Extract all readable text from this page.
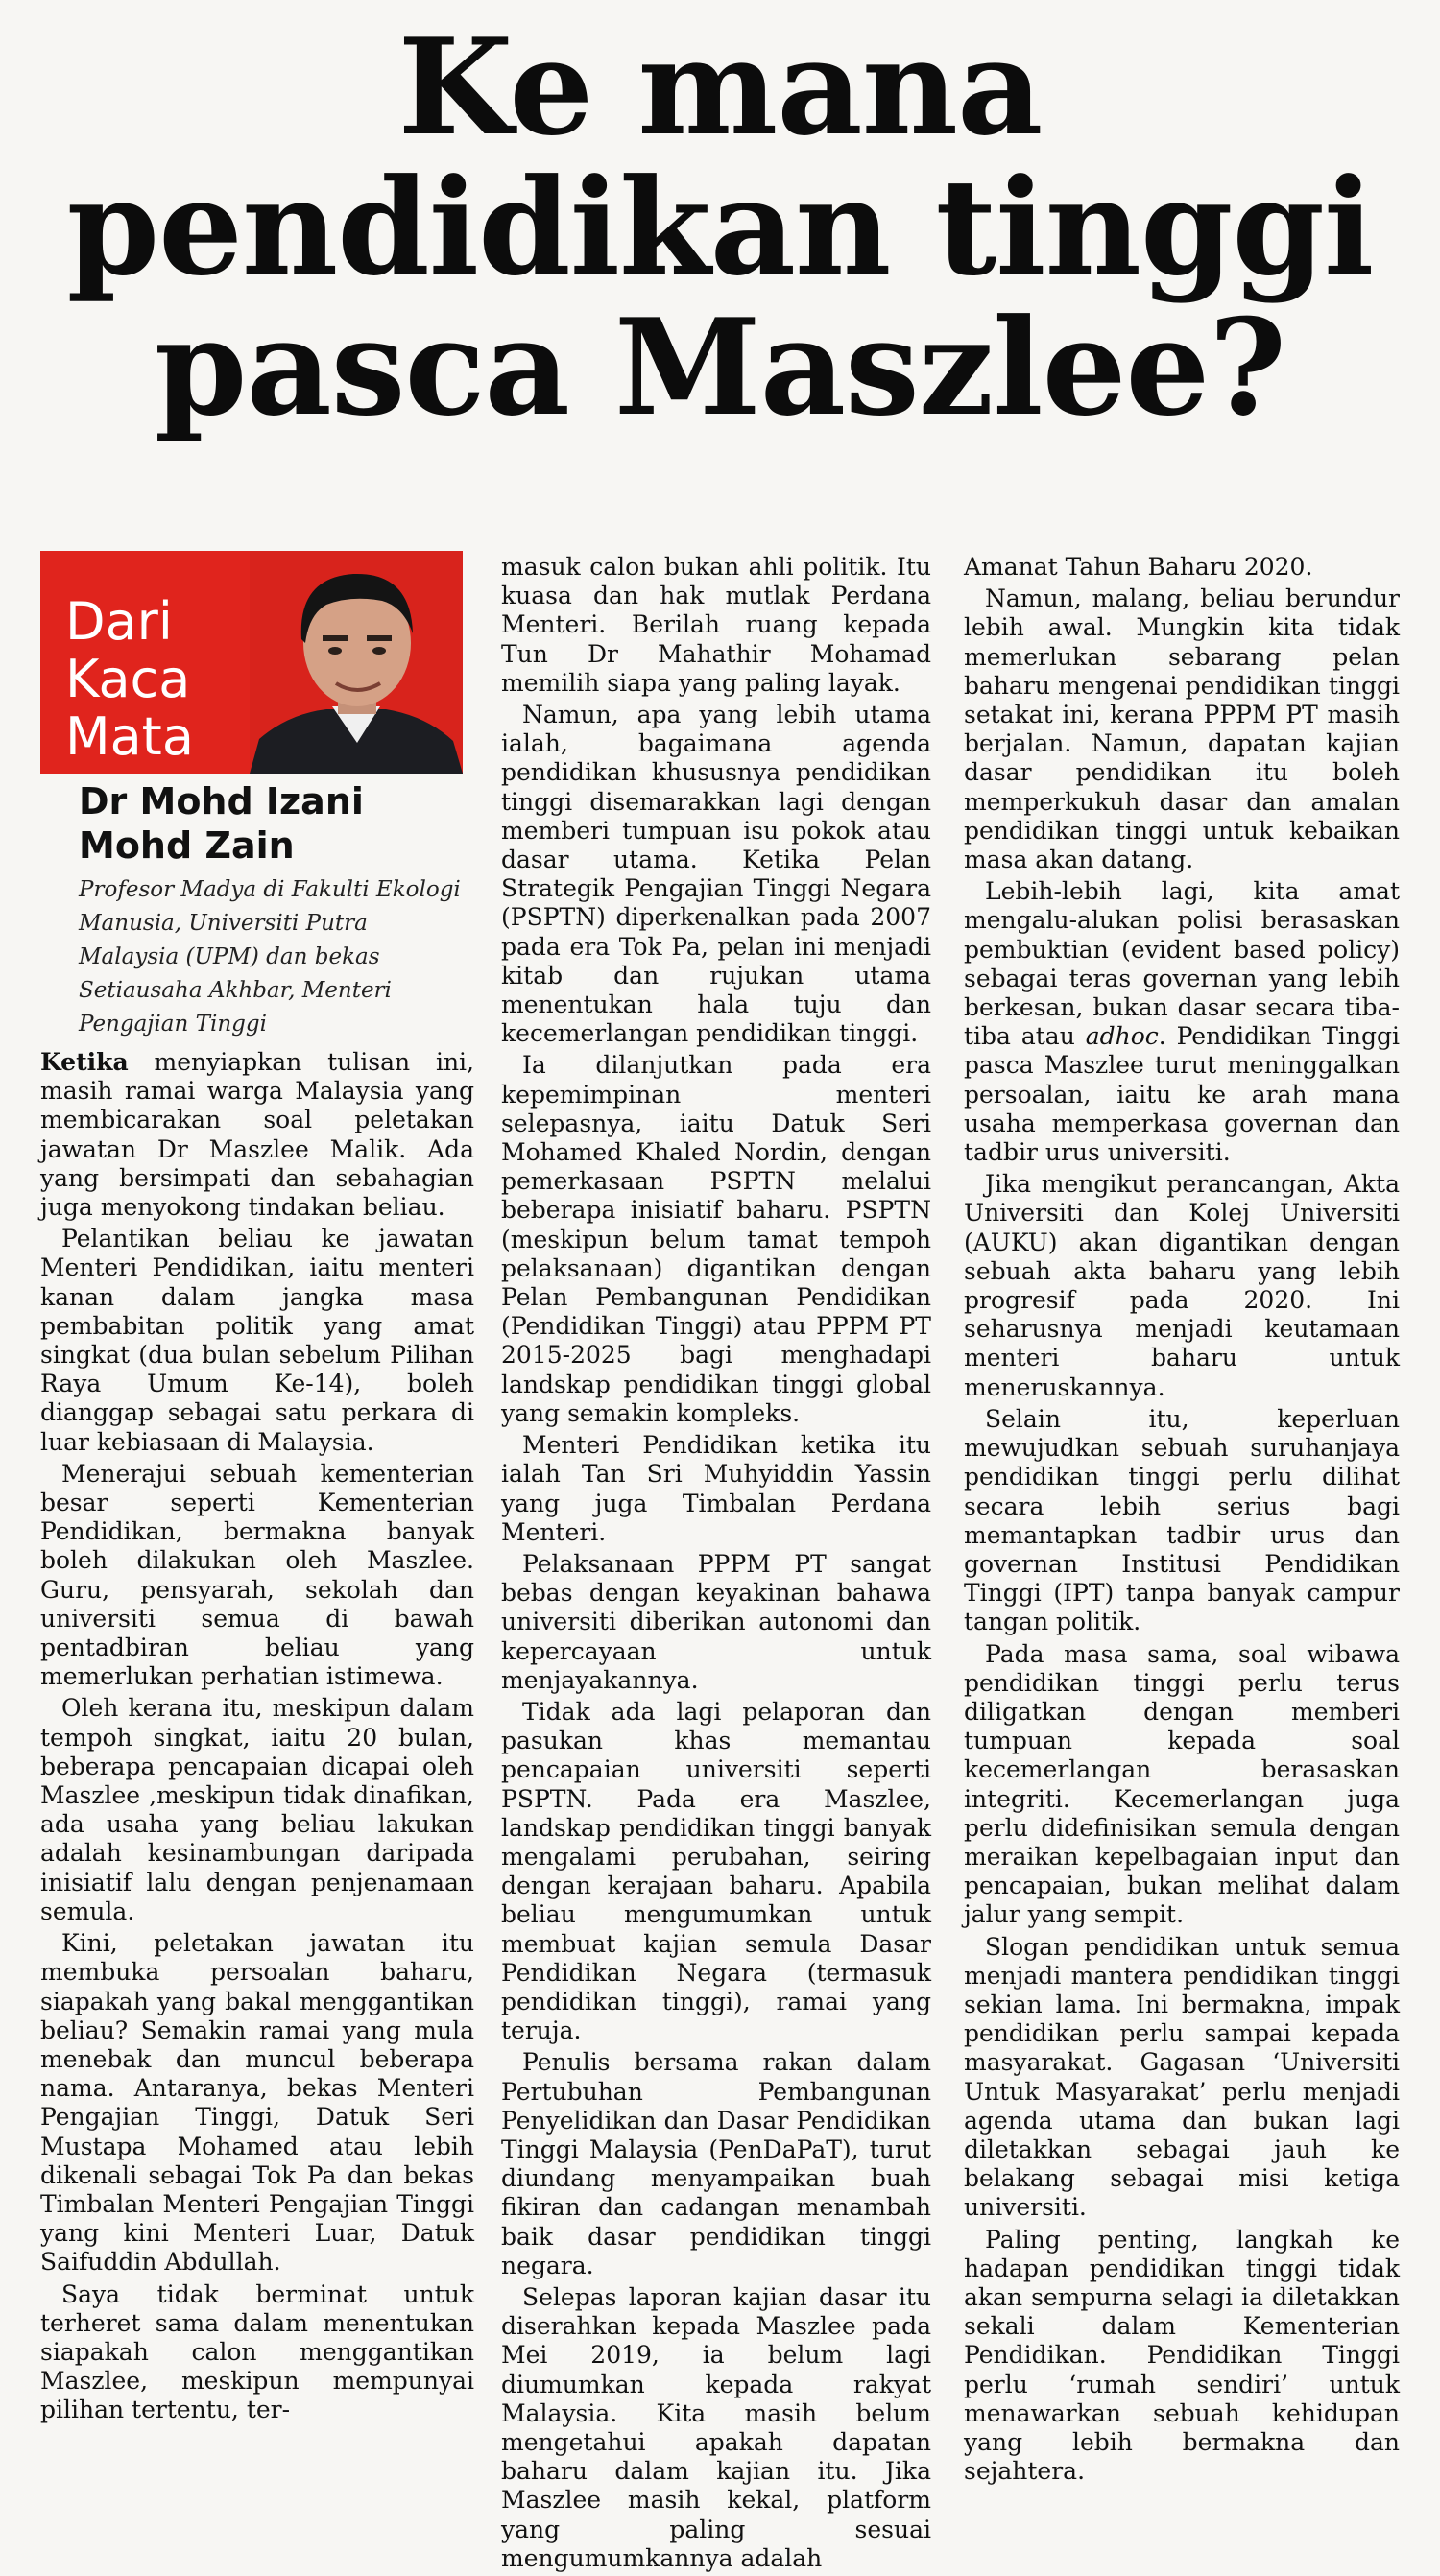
Ke mana pendidikan tinggi pasca Maszlee?
Dari
Kaca
Mata
Dr Mohd Izani
Mohd Zain

Profesor Madya di Fakulti Ekologi Manusia, Universiti Putra Malaysia (UPM) dan bekas Setiausaha Akhbar, Menteri Pengajian Tinggi

Ketika menyiapkan tulisan ini, masih ramai warga Malaysia yang membicarakan soal peletakan jawatan Dr Maszlee Malik. Ada yang bersimpati dan sebahagian juga menyokong tindakan beliau.

Pelantikan beliau ke jawatan Menteri Pendidikan, iaitu menteri kanan dalam jangka masa pembabitan politik yang amat singkat (dua bulan sebelum Pilihan Raya Umum Ke-14), boleh dianggap sebagai satu perkara di luar kebiasaan di Malaysia.

Menerajui sebuah kementerian besar seperti Kementerian Pendidikan, bermakna banyak boleh dilakukan oleh Maszlee. Guru, pensyarah, sekolah dan universiti semua di bawah pentadbiran beliau yang memerlukan perhatian istimewa.

Oleh kerana itu, meskipun dalam tempoh singkat, iaitu 20 bulan, beberapa pencapaian dicapai oleh Maszlee ,meskipun tidak dinafikan, ada usaha yang beliau lakukan adalah kesinambungan daripada inisiatif lalu dengan penjenamaan semula.

Kini, peletakan jawatan itu membuka persoalan baharu, siapakah yang bakal menggantikan beliau? Semakin ramai yang mula menebak dan muncul beberapa nama. Antaranya, bekas Menteri Pengajian Tinggi, Datuk Seri Mustapa Mohamed atau lebih dikenali sebagai Tok Pa dan bekas Timbalan Menteri Pengajian Tinggi yang kini Menteri Luar, Datuk Saifuddin Abdullah.

Saya tidak berminat untuk terheret sama dalam menentukan siapakah calon menggantikan Maszlee, meskipun mempunyai pilihan tertentu, ter-

masuk calon bukan ahli politik. Itu kuasa dan hak mutlak Perdana Menteri. Berilah ruang kepada Tun Dr Mahathir Mohamad memilih siapa yang paling layak.

Namun, apa yang lebih utama ialah, bagaimana agenda pendidikan khususnya pendidikan tinggi disemarakkan lagi dengan memberi tumpuan isu pokok atau dasar utama. Ketika Pelan Strategik Pengajian Tinggi Negara (PSPTN) diperkenalkan pada 2007 pada era Tok Pa, pelan ini menjadi kitab dan rujukan utama menentukan hala tuju dan kecemerlangan pendidikan tinggi.

Ia dilanjutkan pada era kepemimpinan menteri selepasnya, iaitu Datuk Seri Mohamed Khaled Nordin, dengan pemerkasaan PSPTN melalui beberapa inisiatif baharu. PSPTN (meskipun belum tamat tempoh pelaksanaan) digantikan dengan Pelan Pembangunan Pendidikan (Pendidikan Tinggi) atau PPPM PT 2015-2025 bagi menghadapi landskap pendidikan tinggi global yang semakin kompleks.

Menteri Pendidikan ketika itu ialah Tan Sri Muhyiddin Yassin yang juga Timbalan Perdana Menteri.

Pelaksanaan PPPM PT sangat bebas dengan keyakinan bahawa universiti diberikan autonomi dan kepercayaan untuk menjayakannya.

Tidak ada lagi pelaporan dan pasukan khas memantau pencapaian universiti seperti PSPTN. Pada era Maszlee, landskap pendidikan tinggi banyak mengalami perubahan, seiring dengan kerajaan baharu. Apabila beliau mengumumkan untuk membuat kajian semula Dasar Pendidikan Negara (termasuk pendidikan tinggi), ramai yang teruja.

Penulis bersama rakan dalam Pertubuhan Pembangunan Penyelidikan dan Dasar Pendidikan Tinggi Malaysia (PenDaPaT), turut diundang menyampaikan buah fikiran dan cadangan menambah baik dasar pendidikan tinggi negara.

Selepas laporan kajian dasar itu diserahkan kepada Maszlee pada Mei 2019, ia belum lagi diumumkan kepada rakyat Malaysia. Kita masih belum mengetahui apakah dapatan baharu dalam kajian itu. Jika Maszlee masih kekal, platform yang paling sesuai mengumumkannya adalah

Amanat Tahun Baharu 2020.

Namun, malang, beliau berundur lebih awal. Mungkin kita tidak memerlukan sebarang pelan baharu mengenai pendidikan tinggi setakat ini, kerana PPPM PT masih berjalan. Namun, dapatan kajian dasar pendidikan itu boleh memperkukuh dasar dan amalan pendidikan tinggi untuk kebaikan masa akan datang.

Lebih-lebih lagi, kita amat mengalu-alukan polisi berasaskan pembuktian (evident based policy) sebagai teras governan yang lebih berkesan, bukan dasar secara tiba-tiba atau adhoc. Pendidikan Tinggi pasca Maszlee turut meninggalkan persoalan, iaitu ke arah mana usaha memperkasa governan dan tadbir urus universiti.

Jika mengikut perancangan, Akta Universiti dan Kolej Universiti (AUKU) akan digantikan dengan sebuah akta baharu yang lebih progresif pada 2020. Ini seharusnya menjadi keutamaan menteri baharu untuk meneruskannya.

Selain itu, keperluan mewujudkan sebuah suruhanjaya pendidikan tinggi perlu dilihat secara lebih serius bagi memantapkan tadbir urus dan governan Institusi Pendidikan Tinggi (IPT) tanpa banyak campur tangan politik.

Pada masa sama, soal wibawa pendidikan tinggi perlu terus diligatkan dengan memberi tumpuan kepada soal kecemerlangan berasaskan integriti. Kecemerlangan juga perlu didefinisikan semula dengan meraikan kepelbagaian input dan pencapaian, bukan melihat dalam jalur yang sempit.

Slogan pendidikan untuk semua menjadi mantera pendidikan tinggi sekian lama. Ini bermakna, impak pendidikan perlu sampai kepada masyarakat. Gagasan ‘Universiti Untuk Masyarakat’ perlu menjadi agenda utama dan bukan lagi diletakkan sebagai jauh ke belakang sebagai misi ketiga universiti.

Paling penting, langkah ke hadapan pendidikan tinggi tidak akan sempurna selagi ia diletakkan sekali dalam Kementerian Pendidikan. Pendidikan Tinggi perlu ‘rumah sendiri’ untuk menawarkan sebuah kehidupan yang lebih bermakna dan sejahtera.
